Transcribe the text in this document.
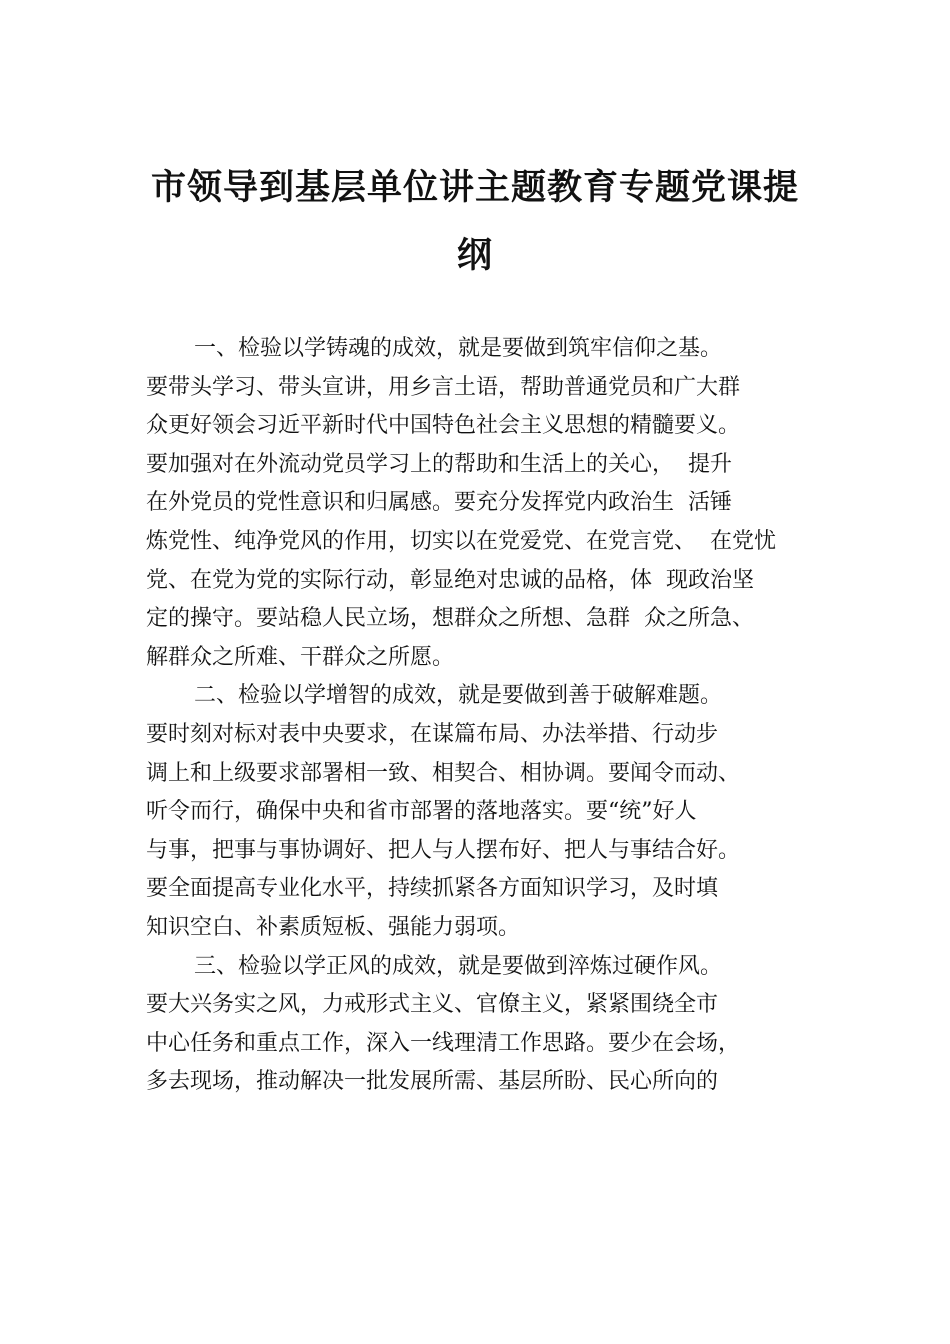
市领导到基层单位讲主题教育专题党课提
纲
一、检验以学铸魂的成效，就是要做到筑牢信仰之基。
要带头学习、带头宣讲，用乡言土语，帮助普通党员和广大群
众更好领会习近平新时代中国特色社会主义思想的精髓要义。
要加强对在外流动党员学习上的帮助和生活上的关心，  提升
在外党员的党性意识和归属感。要充分发挥党内政治生  活锤
炼党性、纯净党风的作用，切实以在党爱党、在党言党、  在党忧
党、在党为党的实际行动，彰显绝对忠诚的品格，体  现政治坚
定的操守。要站稳人民立场，想群众之所想、急群  众之所急、
解群众之所难、干群众之所愿。
二、检验以学增智的成效，就是要做到善于破解难题。
要时刻对标对表中央要求，在谋篇布局、办法举措、行动步
调上和上级要求部署相一致、相契合、相协调。要闻令而动、
听令而行，确保中央和省市部署的落地落实。要“统”好人
与事，把事与事协调好、把人与人摆布好、把人与事结合好。
要全面提高专业化水平，持续抓紧各方面知识学习，及时填
知识空白、补素质短板、强能力弱项。
三、检验以学正风的成效，就是要做到淬炼过硬作风。
要大兴务实之风，力戒形式主义、官僚主义，紧紧围绕全市
中心任务和重点工作，深入一线理清工作思路。要少在会场，
多去现场，推动解决一批发展所需、基层所盼、民心所向的
